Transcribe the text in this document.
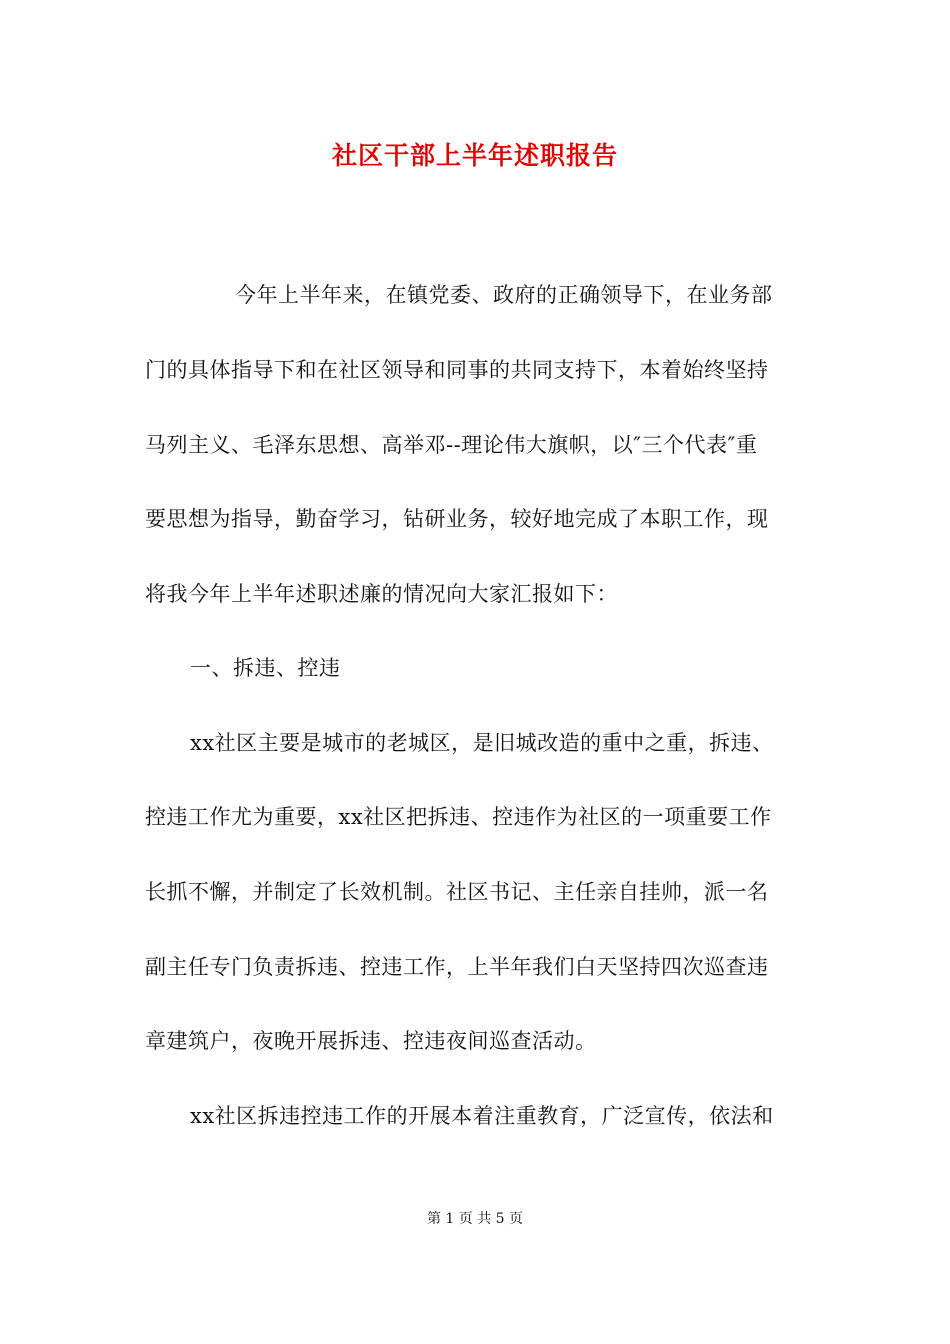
社区干部上半年述职报告
今年上半年来，在镇党委、政府的正确领导下，在业务部
门的具体指导下和在社区领导和同事的共同支持下，本着始终坚持
马列主义、毛泽东思想、高举邓--理论伟大旗帜，以″三个代表″重
要思想为指导，勤奋学习，钻研业务，较好地完成了本职工作，现
将我今年上半年述职述廉的情况向大家汇报如下：
一、拆违、控违
xx社区主要是城市的老城区，是旧城改造的重中之重，拆违、
控违工作尤为重要，xx社区把拆违、控违作为社区的一项重要工作
长抓不懈，并制定了长效机制。社区书记、主任亲自挂帅，派一名
副主任专门负责拆违、控违工作，上半年我们白天坚持四次巡查违
章建筑户，夜晚开展拆违、控违夜间巡查活动。
xx社区拆违控违工作的开展本着注重教育，广泛宣传，依法和
第 1 页 共 5 页
